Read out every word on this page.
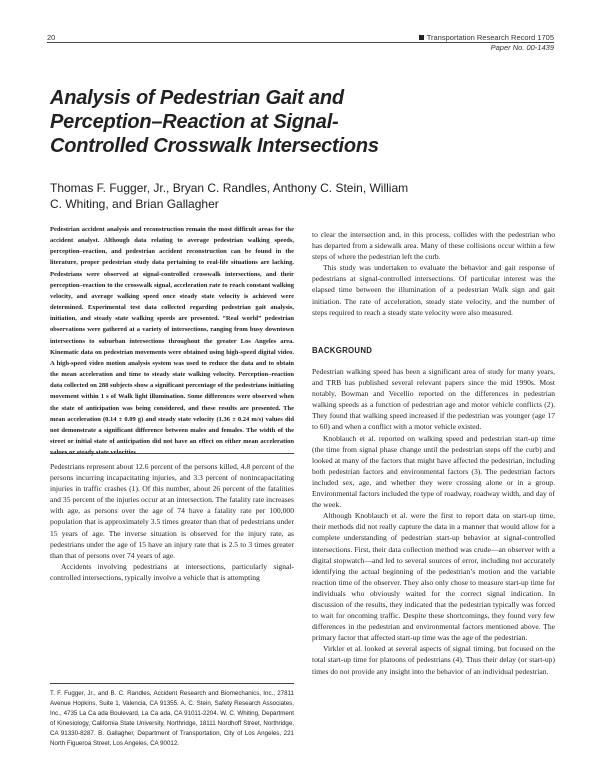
20	Transportation Research Record 1705
Paper No. 00-1439
Analysis of Pedestrian Gait and Perception–Reaction at Signal-Controlled Crosswalk Intersections
Thomas F. Fugger, Jr., Bryan C. Randles, Anthony C. Stein, William C. Whiting, and Brian Gallagher
Pedestrian accident analysis and reconstruction remain the most difficult areas for the accident analyst. Although data relating to average pedestrian walking speeds, perception–reaction, and pedestrian accident reconstruction can be found in the literature, proper pedestrian study data pertaining to real-life situations are lacking. Pedestrians were observed at signal-controlled crosswalk intersections, and their perception–reaction to the crosswalk signal, acceleration rate to reach constant walking velocity, and average walking speed once steady state velocity is achieved were determined. Experimental test data collected regarding pedestrian gait analysis, initiation, and steady state walking speeds are presented. “Real world” pedestrian observations were gathered at a variety of intersections, ranging from busy downtown intersections to suburban intersections throughout the greater Los Angeles area. Kinematic data on pedestrian movements were obtained using high-speed digital video. A high-speed video motion analysis system was used to reduce the data and to obtain the mean acceleration and time to steady state walking velocity. Perception–reaction data collected on 288 subjects show a significant percentage of the pedestrians initiating movement within 1 s of Walk light illumination. Some differences were observed when the state of anticipation was being considered, and these results are presented. The mean acceleration (0.14 ± 0.09 g) and steady state velocity (1.36 ± 0.24 m/s) values did not demonstrate a significant difference between males and females. The width of the street or initial state of anticipation did not have an effect on either mean acceleration values or steady state velocities.

Pedestrians represent about 12.6 percent of the persons killed, 4.8 percent of the persons incurring incapacitating injuries, and 3.3 percent of nonincapacitating injuries in traffic crashes (1). Of this number, about 26 percent of the fatalities and 35 percent of the injuries occur at an intersection. The fatality rate increases with age, as persons over the age of 74 have a fatality rate per 100,000 population that is approximately 3.5 times greater than that of pedestrians under 15 years of age. The inverse situation is observed for the injury rate, as pedestrians under the age of 15 have an injury rate that is 2.5 to 3 times greater than that of persons over 74 years of age.

Accidents involving pedestrians at intersections, particularly signal-controlled intersections, typically involve a vehicle that is attempting

T. F. Fugger, Jr., and B. C. Randles, Accident Research and Biomechanics, Inc., 27811 Avenue Hopkins, Suite 1, Valencia, CA 91355. A. C. Stein, Safety Research Associates, Inc., 4735 La Ca ada Boulevard, La Ca ada, CA 91011-2204. W. C. Whiting, Department of Kinesiology, California State University, Northridge, 18111 Nordhoff Street, Northridge, CA 91330-8287. B. Gallagher, Department of Transportation, City of Los Angeles, 221 North Figueroa Street, Los Angeles, CA 90012.

to clear the intersection and, in this process, collides with the pedestrian who has departed from a sidewalk area. Many of these collisions occur within a few steps of where the pedestrian left the curb.

This study was undertaken to evaluate the behavior and gait response of pedestrians at signal-controlled intersections. Of particular interest was the elapsed time between the illumination of a pedestrian Walk sign and gait initiation. The rate of acceleration, steady state velocity, and the number of steps required to reach a steady state velocity were also measured.

BACKGROUND

Pedestrian walking speed has been a significant area of study for many years, and TRB has published several relevant papers since the mid 1990s. Most notably, Bowman and Vecellio reported on the differences in pedestrian walking speeds as a function of pedestrian age and motor vehicle conflicts (2). They found that walking speed increased if the pedestrian was younger (age 17 to 60) and when a conflict with a motor vehicle existed.

Knoblauch et al. reported on walking speed and pedestrian start-up time (the time from signal phase change until the pedestrian steps off the curb) and looked at many of the factors that might have affected the pedestrian, including both pedestrian factors and environmental factors (3). The pedestrian factors included sex, age, and whether they were crossing alone or in a group. Environmental factors included the type of roadway, roadway width, and day of the week.

Although Knoblauch et al. were the first to report data on start-up time, their methods did not really capture the data in a manner that would allow for a complete understanding of pedestrian start-up behavior at signal-controlled intersections. First, their data collection method was crude—an observer with a digital stopwatch—and led to several sources of error, including not accurately identifying the actual beginning of the pedestrian’s motion and the variable reaction time of the observer. They also only chose to measure start-up time for individuals who obviously waited for the correct signal indication. In discussion of the results, they indicated that the pedestrian typically was forced to wait for oncoming traffic. Despite these shortcomings, they found very few differences in the pedestrian and environmental factors mentioned above. The primary factor that affected start-up time was the age of the pedestrian.

Virkler et al. looked at several aspects of signal timing, but focused on the total start-up time for platoons of pedestrians (4). Thus their delay (or start-up) times do not provide any insight into the behavior of an individual pedestrian.
